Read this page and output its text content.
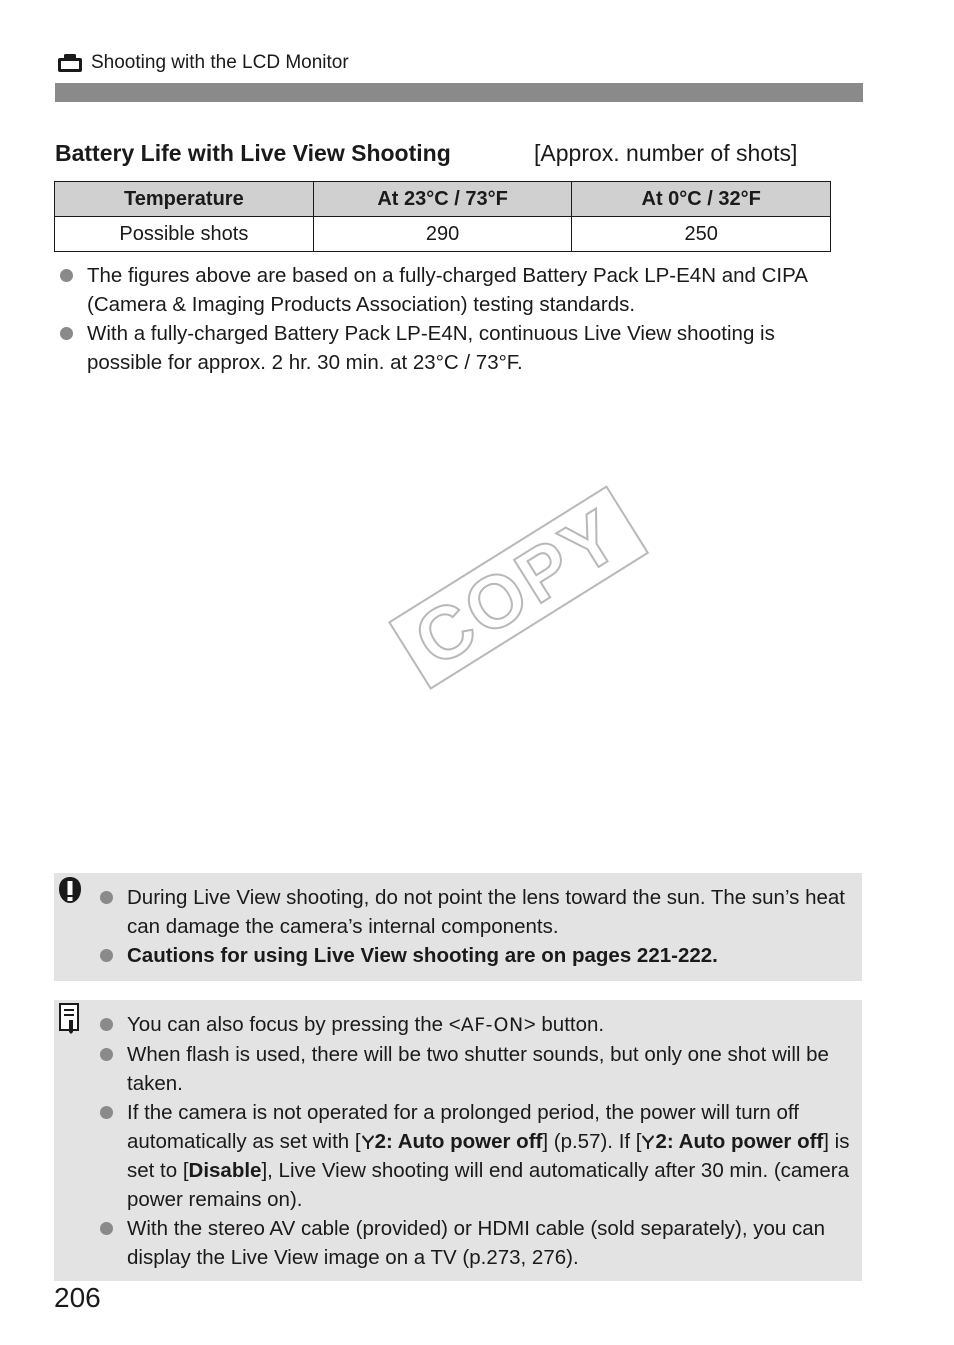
Shooting with the LCD Monitor
Battery Life with Live View Shooting	[Approx. number of shots]
Temperature	At 23°C / 73°F	At 0°C / 32°F
Possible shots	290	250
The figures above are based on a fully-charged Battery Pack LP-E4N and CIPA (Camera & Imaging Products Association) testing standards.
With a fully-charged Battery Pack LP-E4N, continuous Live View shooting is possible for approx. 2 hr. 30 min. at 23°C / 73°F.
COPY
During Live View shooting, do not point the lens toward the sun. The sun’s heat can damage the camera’s internal components.
Cautions for using Live View shooting are on pages 221-222.
You can also focus by pressing the <AF-ON> button.
When flash is used, there will be two shutter sounds, but only one shot will be taken.
If the camera is not operated for a prolonged period, the power will turn off automatically as set with [ 2: Auto power off] (p.57). If [ 2: Auto power off] is set to [Disable], Live View shooting will end automatically after 30 min. (camera power remains on).
With the stereo AV cable (provided) or HDMI cable (sold separately), you can display the Live View image on a TV (p.273, 276).
206
